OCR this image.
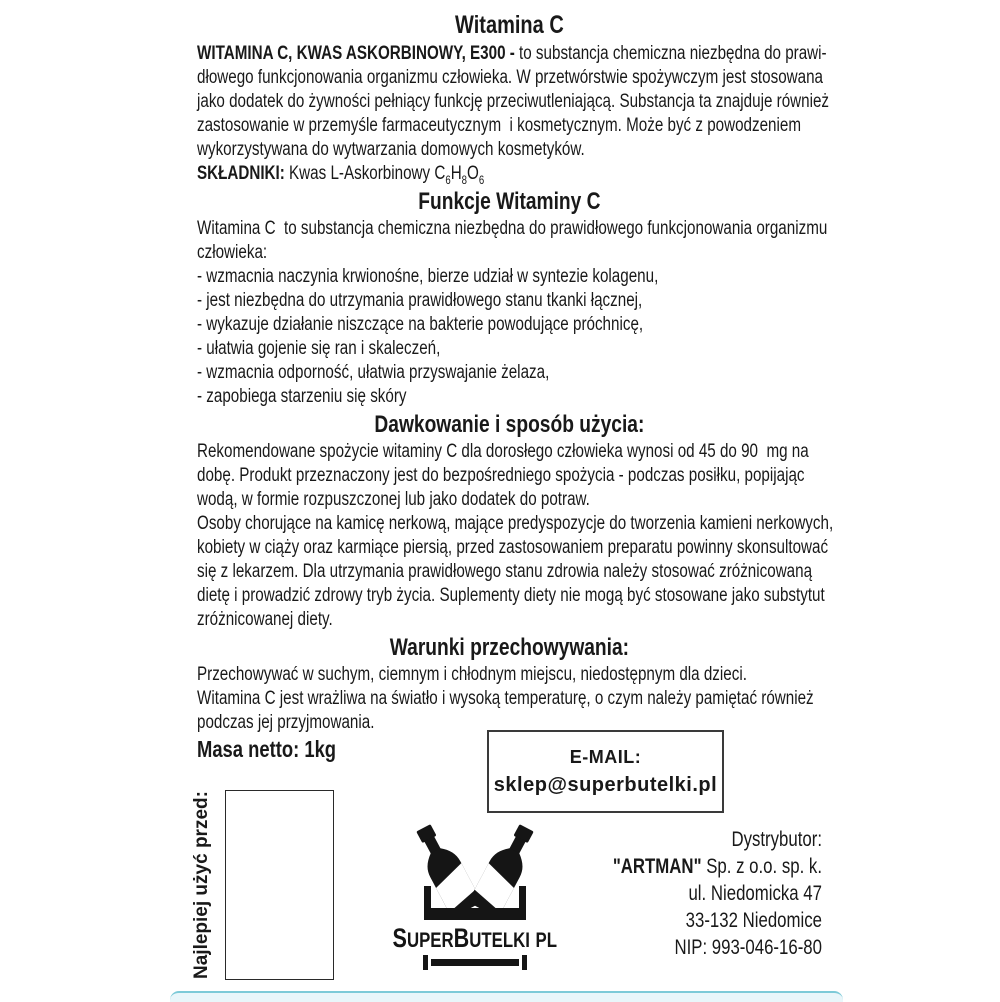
Witamina C
WITAMINA C, KWAS ASKORBINOWY, E300 - to substancja chemiczna niezbędna do prawi-
dłowego funkcjonowania organizmu człowieka. W przetwórstwie spożywczym jest stosowana
jako dodatek do żywności pełniący funkcję przeciwutleniającą. Substancja ta znajduje również
zastosowanie w przemyśle farmaceutycznym  i kosmetycznym. Może być z powodzeniem
wykorzystywana do wytwarzania domowych kosmetyków.
SKŁADNIKI: Kwas L-Askorbinowy $C_6H_8O_6$
Funkcje Witaminy C
Witamina C  to substancja chemiczna niezbędna do prawidłowego funkcjonowania organizmu
człowieka:
- wzmacnia naczynia krwionośne, bierze udział w syntezie kolagenu,
- jest niezbędna do utrzymania prawidłowego stanu tkanki łącznej,
- wykazuje działanie niszczące na bakterie powodujące próchnicę,
- ułatwia gojenie się ran i skaleczeń,
- wzmacnia odporność, ułatwia przyswajanie żelaza,
- zapobiega starzeniu się skóry
Dawkowanie i sposób użycia:
Rekomendowane spożycie witaminy C dla dorosłego człowieka wynosi od 45 do 90  mg na
dobę. Produkt przeznaczony jest do bezpośredniego spożycia - podczas posiłku, popijając
wodą, w formie rozpuszczonej lub jako dodatek do potraw.
Osoby chorujące na kamicę nerkową, mające predyspozycje do tworzenia kamieni nerkowych,
kobiety w ciąży oraz karmiące piersią, przed zastosowaniem preparatu powinny skonsultować
się z lekarzem. Dla utrzymania prawidłowego stanu zdrowia należy stosować zróżnicowaną
dietę i prowadzić zdrowy tryb życia. Suplementy diety nie mogą być stosowane jako substytut
zróżnicowanej diety.
Warunki przechowywania:
Przechowywać w suchym, ciemnym i chłodnym miejscu, niedostępnym dla dzieci.
Witamina C jest wrażliwa na światło i wysoką temperaturę, o czym należy pamiętać również
podczas jej przyjmowania.
Masa netto: 1kg	E-MAIL:
sklep@superbutelki.pl
Najlepiej użyć przed:	SUPERBUTELKI PL
Dystrybutor:
"ARTMAN" Sp. z o.o. sp. k.
ul. Niedomicka 47
33-132 Niedomice
NIP: 993-046-16-80
